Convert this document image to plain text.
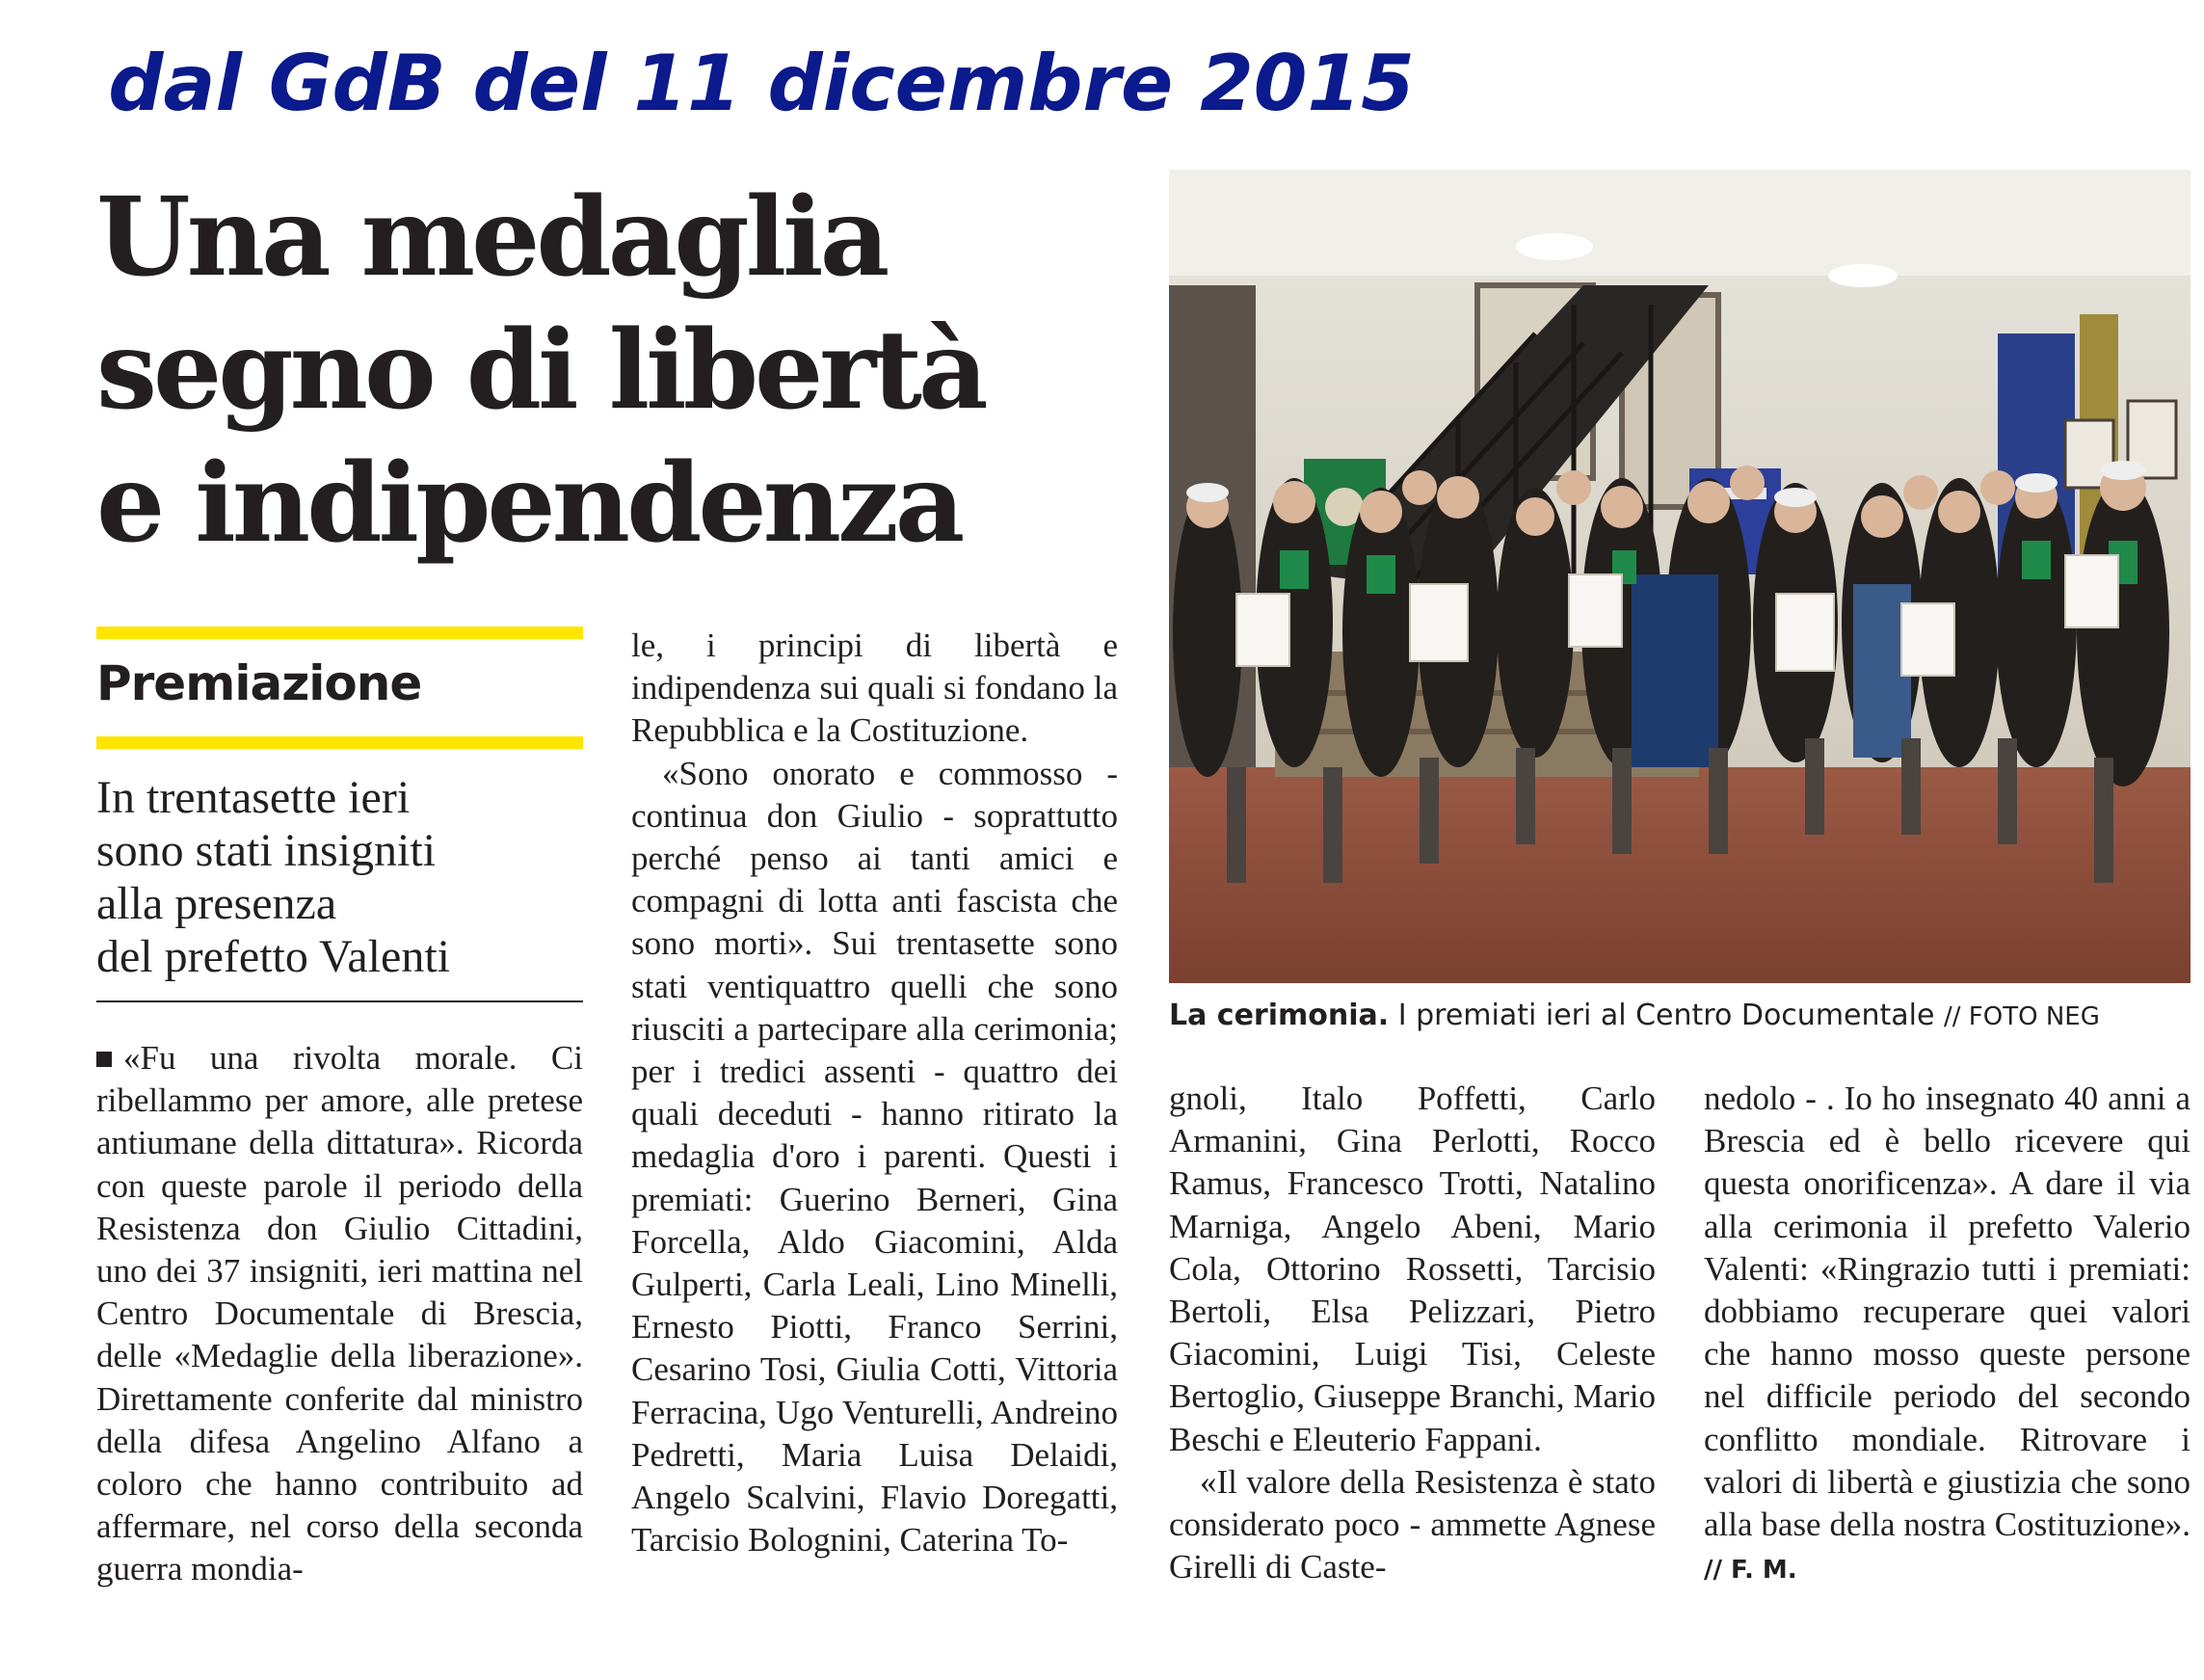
dal GdB del 11 dicembre 2015
Una medaglia
segno di libertà
e indipendenza
Premiazione
In trentasette ieri
sono stati insigniti
alla presenza
del prefetto Valenti

«Fu una rivolta morale. Ci ribellammo per amore, alle pretese antiumane della dittatura». Ricorda con queste parole il periodo della Resistenza don Giulio Cittadini, uno dei 37 insigniti, ieri mattina nel Centro Documentale di Brescia, delle «Medaglie della liberazione». Direttamente conferite dal ministro della difesa Angelino Alfano a coloro che hanno contribuito ad affermare, nel corso della seconda guerra mondia-

le, i principi di libertà e indipendenza sui quali si fondano la Repubblica e la Costituzione.

«Sono onorato e commosso - continua don Giulio - soprattutto perché penso ai tanti amici e compagni di lotta anti fascista che sono morti». Sui trentasette sono stati ventiquattro quelli che sono riusciti a partecipare alla cerimonia; per i tredici assenti - quattro dei quali deceduti - hanno ritirato la medaglia d'oro i parenti. Questi i premiati: Guerino Berneri, Gina Forcella, Aldo Giacomini, Alda Gulperti, Carla Leali, Lino Minelli, Ernesto Piotti, Franco Serrini, Cesarino Tosi, Giulia Cotti, Vittoria Ferracina, Ugo Venturelli, Andreino Pedretti, Maria Luisa Delaidi, Angelo Scalvini, Flavio Doregatti, Tarcisio Bolognini, Caterina To-

La cerimonia. I premiati ieri al Centro Documentale // FOTO NEG

gnoli, Italo Poffetti, Carlo Armanini, Gina Perlotti, Rocco Ramus, Francesco Trotti, Natalino Marniga, Angelo Abeni, Mario Cola, Ottorino Rossetti, Tarcisio Bertoli, Elsa Pelizzari, Pietro Giacomini, Luigi Tisi, Celeste Bertoglio, Giuseppe Branchi, Mario Beschi e Eleuterio Fappani.

«Il valore della Resistenza è stato considerato poco - ammette Agnese Girelli di Caste-

nedolo - . Io ho insegnato 40 anni a Brescia ed è bello ricevere qui questa onorificenza». A dare il via alla cerimonia il prefetto Valerio Valenti: «Ringrazio tutti i premiati: dobbiamo recuperare quei valori che hanno mosso queste persone nel difficile periodo del secondo conflitto mondiale. Ritrovare i valori di libertà e giustizia che sono alla base della nostra Costituzione». // F. M.
